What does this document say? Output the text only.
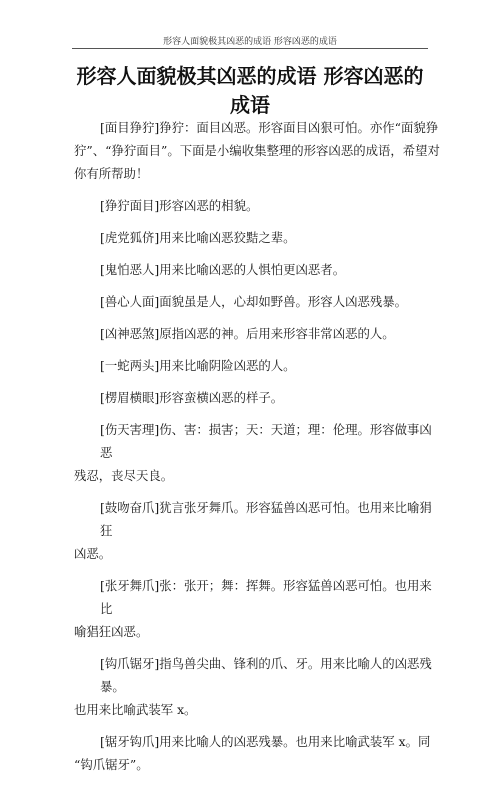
形容人面貌极其凶恶的成语 形容凶恶的成语
形容人面貌极其凶恶的成语 形容凶恶的成语

[面目狰狞]狰狞：面目凶恶。形容面目凶狠可怕。亦作“面貌狰
狞”、“狰狞面目”。下面是小编收集整理的形容凶恶的成语，希望对你有所帮助！

[狰狞面目]形容凶恶的相貌。

[虎党狐侪]用来比喻凶恶狡黠之辈。

[鬼怕恶人]用来比喻凶恶的人惧怕更凶恶者。

[兽心人面]面貌虽是人，心却如野兽。形容人凶恶残暴。

[凶神恶煞]原指凶恶的神。后用来形容非常凶恶的人。

[一蛇两头]用来比喻阴险凶恶的人。

[楞眉横眼]形容蛮横凶恶的样子。

[伤天害理]伤、害：损害；天：天道；理：伦理。形容做事凶恶
残忍，丧尽天良。

[鼓吻奋爪]犹言张牙舞爪。形容猛兽凶恶可怕。也用来比喻狷狂
凶恶。

[张牙舞爪]张：张开；舞：挥舞。形容猛兽凶恶可怕。也用来比
喻猖狂凶恶。

[钩爪锯牙]指鸟兽尖曲、锋利的爪、牙。用来比喻人的凶恶残暴。
也用来比喻武装军 x。

[锯牙钩爪]用来比喻人的凶恶残暴。也用来比喻武装军 x。同
“钩爪锯牙”。
